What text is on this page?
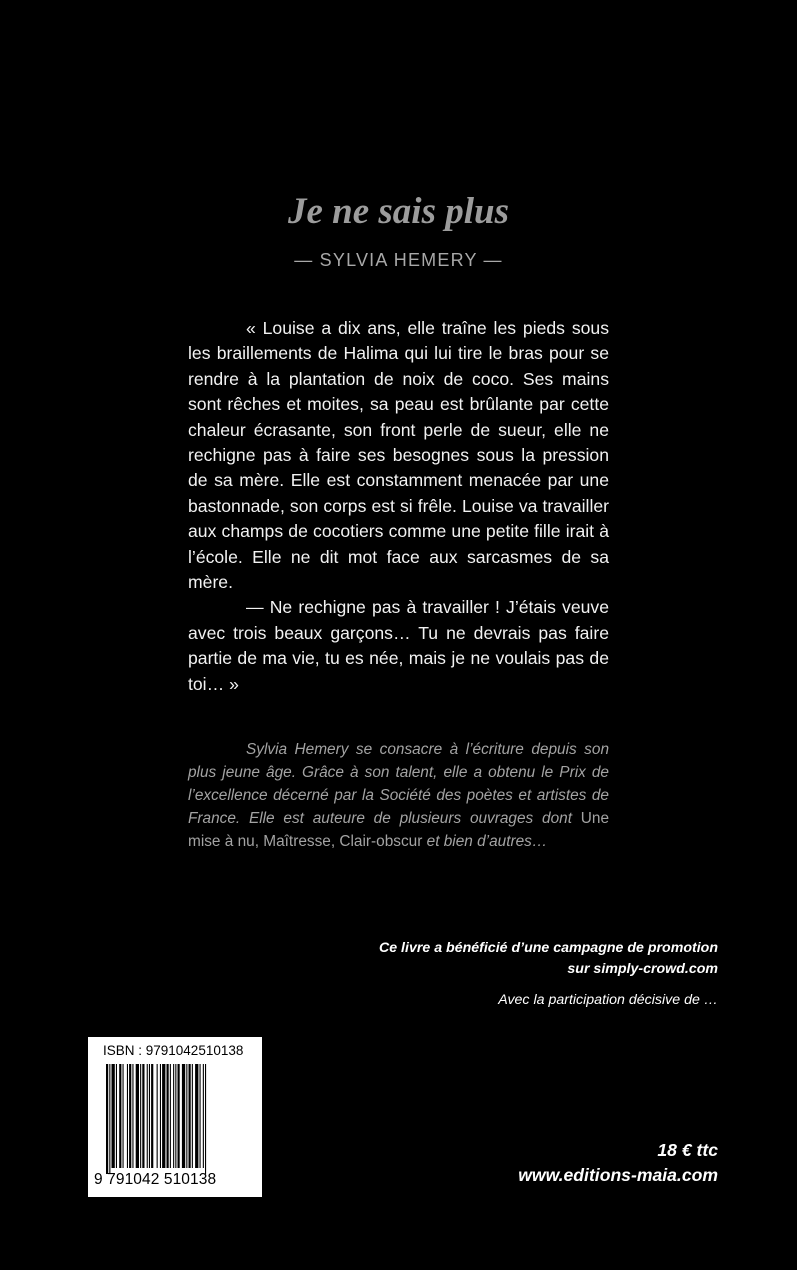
Je ne sais plus
— SYLVIA HEMERY —

« Louise a dix ans, elle traîne les pieds sous les braillements de Halima qui lui tire le bras pour se rendre à la plantation de noix de coco. Ses mains sont rêches et moites, sa peau est brûlante par cette chaleur écrasante, son front perle de sueur, elle ne rechigne pas à faire ses besognes sous la pression de sa mère. Elle est constamment menacée par une bastonnade, son corps est si frêle. Louise va travailler aux champs de cocotiers comme une petite fille irait à l’école. Elle ne dit mot face aux sarcasmes de sa mère.

— Ne rechigne pas à travailler ! J’étais veuve avec trois beaux garçons… Tu ne devrais pas faire partie de ma vie, tu es née, mais je ne voulais pas de toi… »

Sylvia Hemery se consacre à l’écriture depuis son plus jeune âge. Grâce à son talent, elle a obtenu le Prix de l’excellence décerné par la Société des poètes et artistes de France. Elle est auteure de plusieurs ouvrages dont Une mise à nu, Maîtresse, Clair-obscur et bien d’autres…

Ce livre a bénéficié d’une campagne de promotion
sur simply-crowd.com
Avec la participation décisive de …
ISBN : 9791042510138
9 791042 510138
18 € ttc
www.editions-maia.com
